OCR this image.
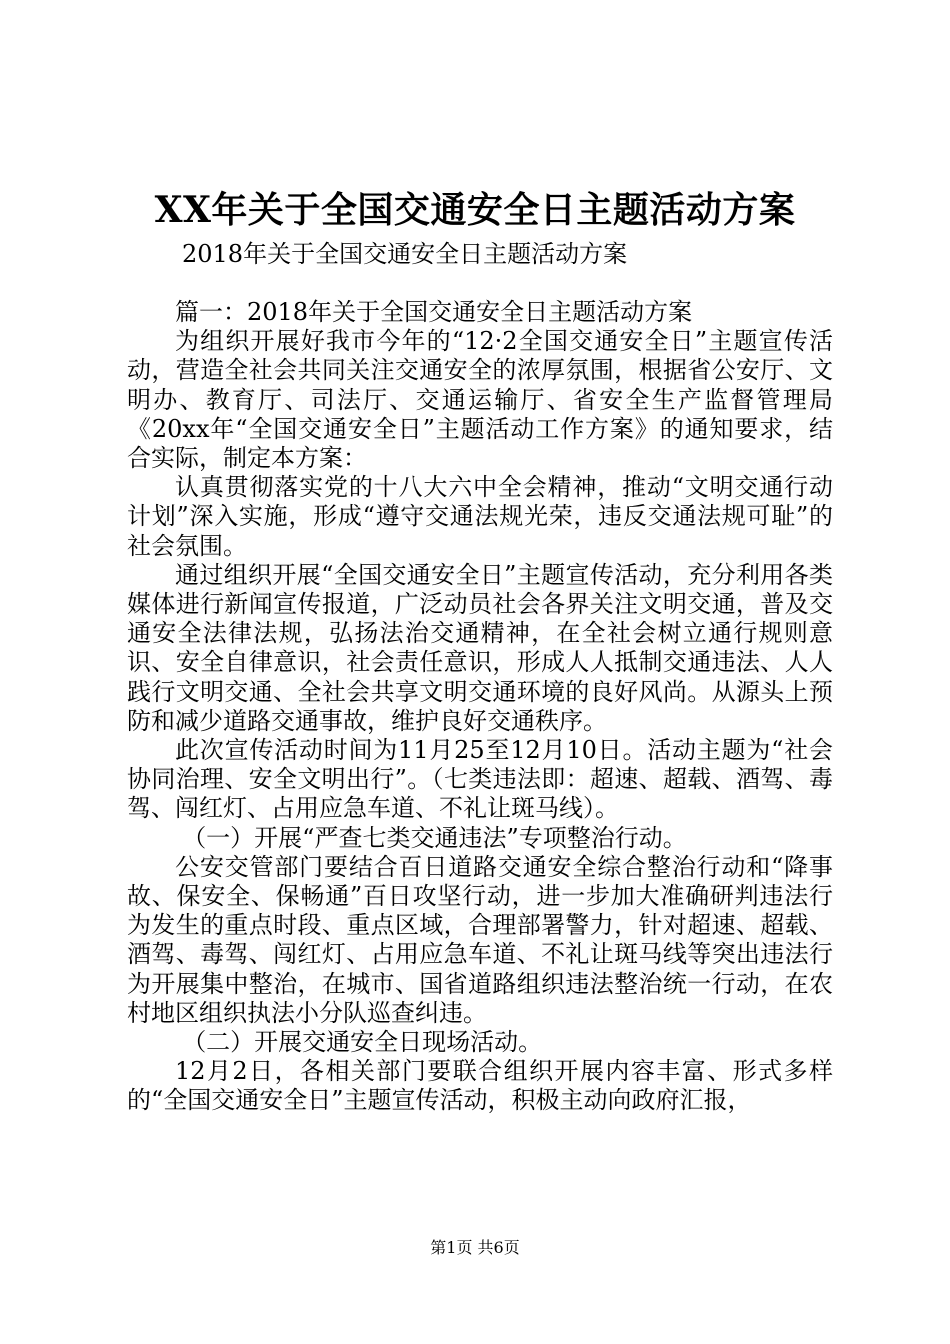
XX年关于全国交通安全日主题活动方案

2018年关于全国交通安全日主题活动方案

篇一：2018年关于全国交通安全日主题活动方案

为组织开展好我市今年的“12·2全国交通安全日”主题宣传活动，营造全社会共同关注交通安全的浓厚氛围，根据省公安厅、文明办、教育厅、司法厅、交通运输厅、省安全生产监督管理局《20xx年“全国交通安全日”主题活动工作方案》的通知要求，结合实际，制定本方案：

认真贯彻落实党的十八大六中全会精神，推动“文明交通行动计划”深入实施，形成“遵守交通法规光荣，违反交通法规可耻”的社会氛围。

通过组织开展“全国交通安全日”主题宣传活动，充分利用各类媒体进行新闻宣传报道，广泛动员社会各界关注文明交通，普及交通安全法律法规，弘扬法治交通精神，在全社会树立通行规则意识、安全自律意识，社会责任意识，形成人人抵制交通违法、人人践行文明交通、全社会共享文明交通环境的良好风尚。从源头上预防和减少道路交通事故，维护良好交通秩序。

此次宣传活动时间为11月25至12月10日。活动主题为“社会协同治理、安全文明出行”。（七类违法即：超速、超载、酒驾、毒驾、闯红灯、占用应急车道、不礼让斑马线）。

（一）开展“严查七类交通违法”专项整治行动。

公安交管部门要结合百日道路交通安全综合整治行动和“降事故、保安全、保畅通”百日攻坚行动，进一步加大准确研判违法行为发生的重点时段、重点区域，合理部署警力，针对超速、超载、酒驾、毒驾、闯红灯、占用应急车道、不礼让斑马线等突出违法行为开展集中整治，在城市、国省道路组织违法整治统一行动，在农村地区组织执法小分队巡查纠违。

（二）开展交通安全日现场活动。

12月2日，各相关部门要联合组织开展内容丰富、形式多样的“全国交通安全日”主题宣传活动，积极主动向政府汇报，

第1页 共6页
